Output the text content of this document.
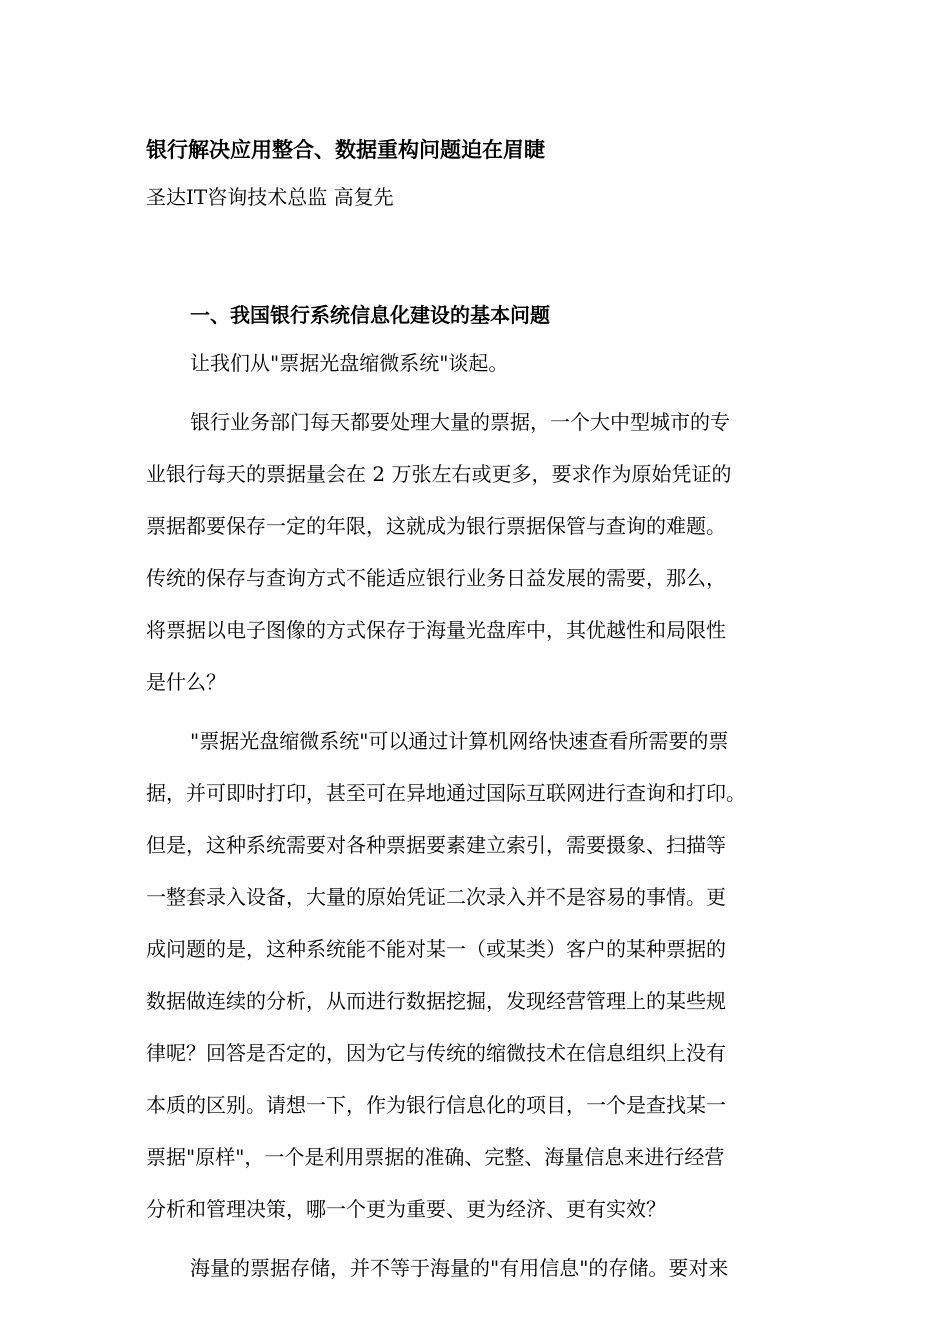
银行解决应用整合、数据重构问题迫在眉睫
圣达IT咨询技术总监 高复先
一、我国银行系统信息化建设的基本问题
让我们从"票据光盘缩微系统"谈起。
银行业务部门每天都要处理大量的票据，一个大中型城市的专
业银行每天的票据量会在 2 万张左右或更多，要求作为原始凭证的
票据都要保存一定的年限，这就成为银行票据保管与查询的难题。
传统的保存与查询方式不能适应银行业务日益发展的需要，那么，
将票据以电子图像的方式保存于海量光盘库中，其优越性和局限性
是什么？
"票据光盘缩微系统"可以通过计算机网络快速查看所需要的票
据，并可即时打印，甚至可在异地通过国际互联网进行查询和打印。
但是，这种系统需要对各种票据要素建立索引，需要摄象、扫描等
一整套录入设备，大量的原始凭证二次录入并不是容易的事情。更
成问题的是，这种系统能不能对某一（或某类）客户的某种票据的
数据做连续的分析，从而进行数据挖掘，发现经营管理上的某些规
律呢？回答是否定的，因为它与传统的缩微技术在信息组织上没有
本质的区别。请想一下，作为银行信息化的项目，一个是查找某一
票据"原样"，一个是利用票据的准确、完整、海量信息来进行经营
分析和管理决策，哪一个更为重要、更为经济、更有实效？
海量的票据存储，并不等于海量的"有用信息"的存储。要对来
